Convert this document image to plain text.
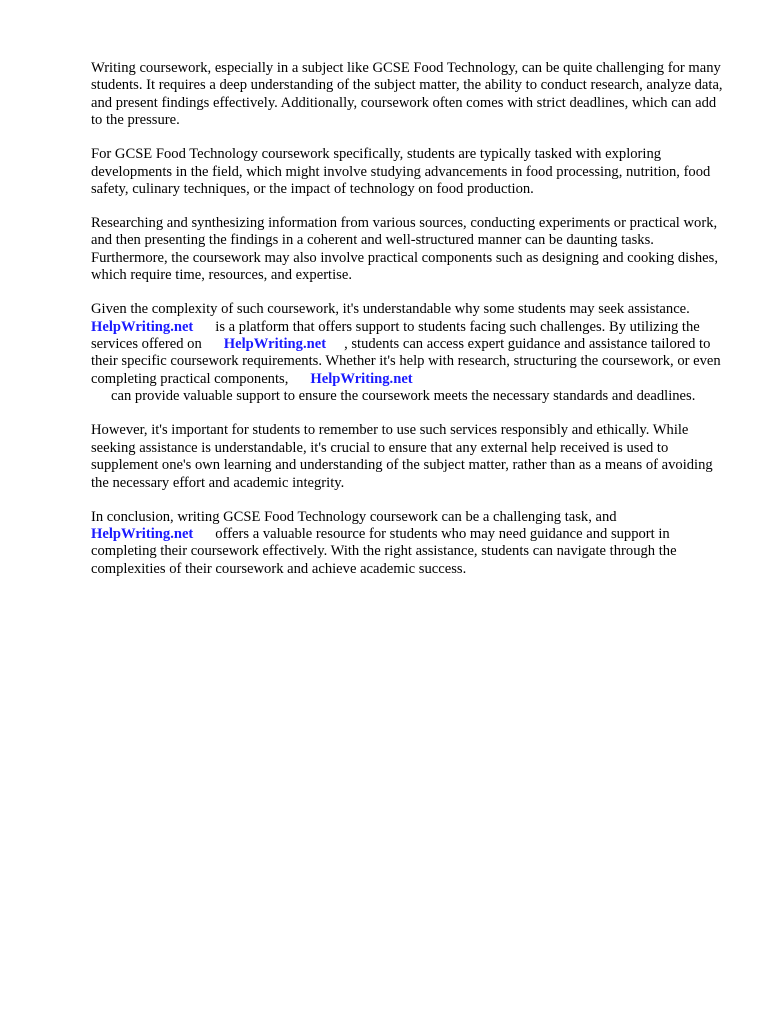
Writing coursework, especially in a subject like GCSE Food Technology, can be quite challenging for many students. It requires a deep understanding of the subject matter, the ability to conduct research, analyze data, and present findings effectively. Additionally, coursework often comes with strict deadlines, which can add to the pressure.

For GCSE Food Technology coursework specifically, students are typically tasked with exploring developments in the field, which might involve studying advancements in food processing, nutrition, food safety, culinary techniques, or the impact of technology on food production.

Researching and synthesizing information from various sources, conducting experiments or practical work, and then presenting the findings in a coherent and well-structured manner can be daunting tasks. Furthermore, the coursework may also involve practical components such as designing and cooking dishes, which require time, resources, and expertise.

Given the complexity of such coursework, it's understandable why some students may seek assistance.HelpWriting.net is a platform that offers support to students facing such challenges. By utilizing the services offered on HelpWriting.net , students can access expert guidance and assistance tailored to their specific coursework requirements. Whether it's help with research, structuring the coursework, or even completing practical components, HelpWriting.net
can provide valuable support to ensure the coursework meets the necessary standards and deadlines.

However, it's important for students to remember to use such services responsibly and ethically. While seeking assistance is understandable, it's crucial to ensure that any external help received is used to supplement one's own learning and understanding of the subject matter, rather than as a means of avoiding the necessary effort and academic integrity.

In conclusion, writing GCSE Food Technology coursework can be a challenging task, and
HelpWriting.net offers a valuable resource for students who may need guidance and support in completing their coursework effectively. With the right assistance, students can navigate through the complexities of their coursework and achieve academic success.
